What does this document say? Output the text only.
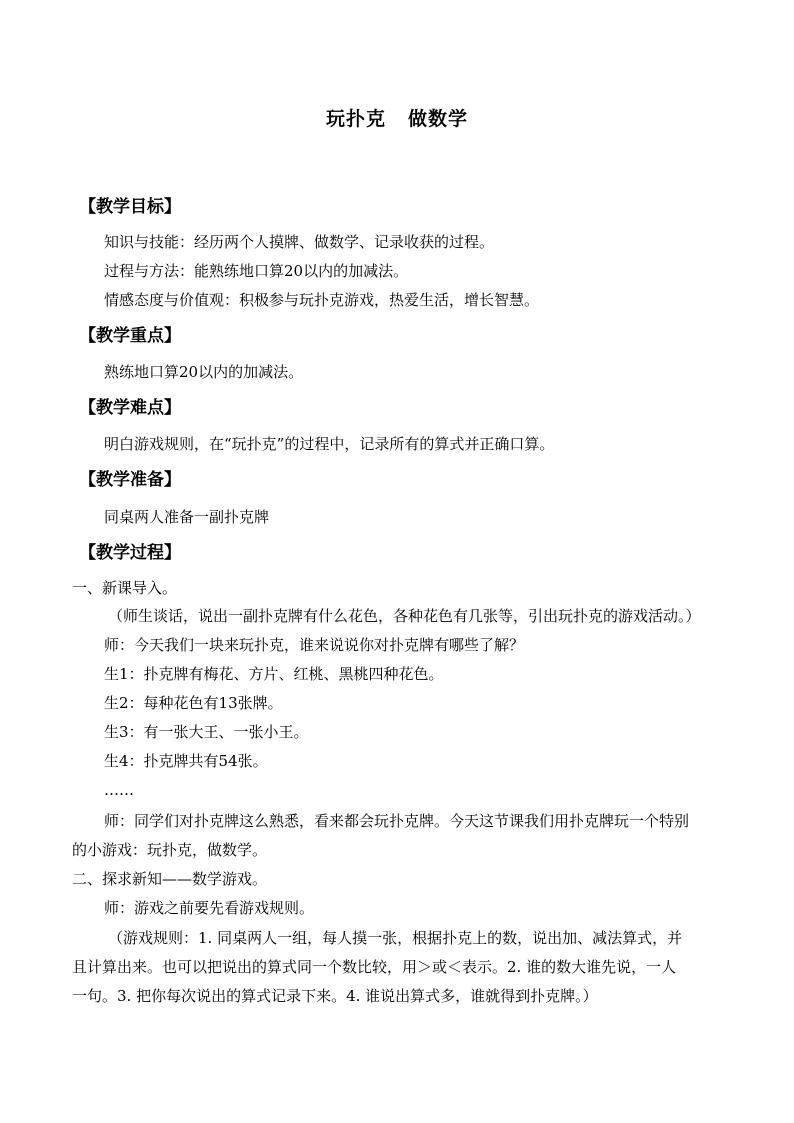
玩扑克 做数学
【教学目标】
知识与技能：经历两个人摸牌、做数学、记录收获的过程。
过程与方法：能熟练地口算20以内的加减法。
情感态度与价值观：积极参与玩扑克游戏，热爱生活，增长智慧。
【教学重点】
熟练地口算20以内的加减法。
【教学难点】
明白游戏规则，在“玩扑克”的过程中，记录所有的算式并正确口算。
【教学准备】
同桌两人准备一副扑克牌
【教学过程】
一、新课导入。
（师生谈话，说出一副扑克牌有什么花色，各种花色有几张等，引出玩扑克的游戏活动。）
师：今天我们一块来玩扑克，谁来说说你对扑克牌有哪些了解？
生1：扑克牌有梅花、方片、红桃、黑桃四种花色。
生2：每种花色有13张牌。
生3：有一张大王、一张小王。
生4：扑克牌共有54张。
……
师：同学们对扑克牌这么熟悉，看来都会玩扑克牌。今天这节课我们用扑克牌玩一个特别
的小游戏：玩扑克，做数学。
二、探求新知——数学游戏。
师：游戏之前要先看游戏规则。
（游戏规则：1. 同桌两人一组，每人摸一张，根据扑克上的数，说出加、减法算式，并
且计算出来。也可以把说出的算式同一个数比较，用＞或＜表示。2. 谁的数大谁先说，一人
一句。3. 把你每次说出的算式记录下来。4. 谁说出算式多，谁就得到扑克牌。）
